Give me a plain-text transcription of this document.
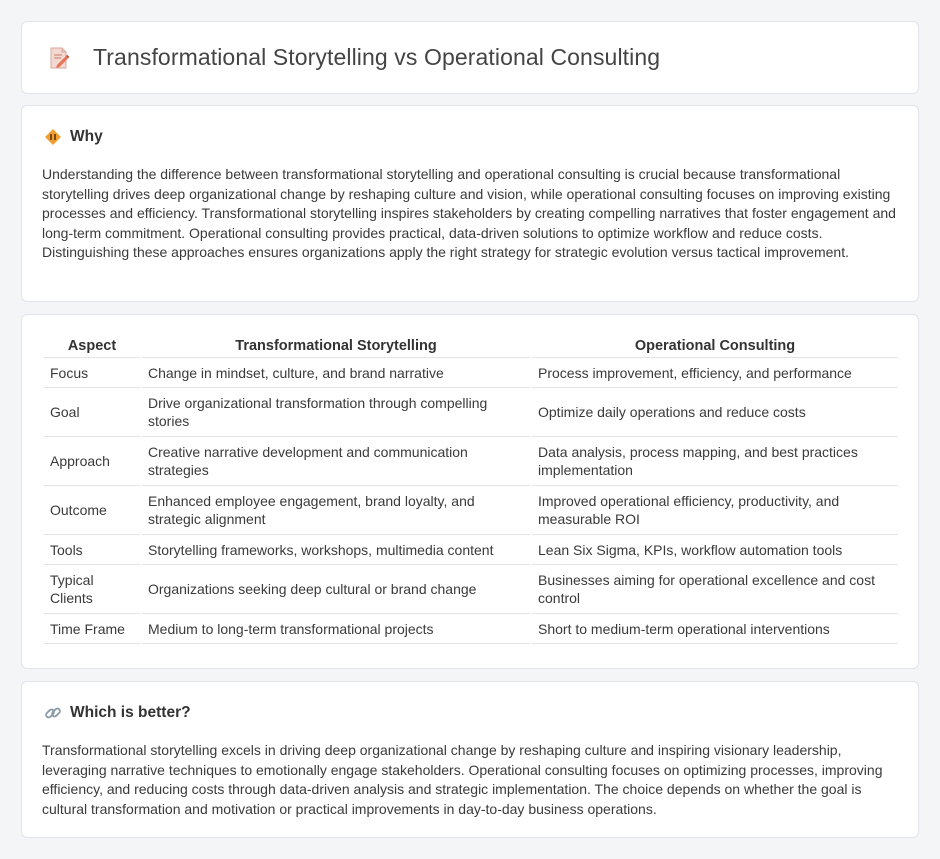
Transformational Storytelling vs Operational Consulting
Why

Understanding the difference between transformational storytelling and operational consulting is crucial because transformational storytelling drives deep organizational change by reshaping culture and vision, while operational consulting focuses on improving existing processes and efficiency. Transformational storytelling inspires stakeholders by creating compelling narratives that foster engagement and long-term commitment. Operational consulting provides practical, data-driven solutions to optimize workflow and reduce costs. Distinguishing these approaches ensures organizations apply the right strategy for strategic evolution versus tactical improvement.

Aspect	Transformational Storytelling	Operational Consulting
Focus	Change in mindset, culture, and brand narrative	Process improvement, efficiency, and performance
Goal	Drive organizational transformation through compelling stories	Optimize daily operations and reduce costs
Approach	Creative narrative development and communication strategies	Data analysis, process mapping, and best practices implementation
Outcome	Enhanced employee engagement, brand loyalty, and strategic alignment	Improved operational efficiency, productivity, and measurable ROI
Tools	Storytelling frameworks, workshops, multimedia content	Lean Six Sigma, KPIs, workflow automation tools
Typical Clients	Organizations seeking deep cultural or brand change	Businesses aiming for operational excellence and cost control
Time Frame	Medium to long-term transformational projects	Short to medium-term operational interventions
Which is better?

Transformational storytelling excels in driving deep organizational change by reshaping culture and inspiring visionary leadership, leveraging narrative techniques to emotionally engage stakeholders. Operational consulting focuses on optimizing processes, improving efficiency, and reducing costs through data-driven analysis and strategic implementation. The choice depends on whether the goal is cultural transformation and motivation or practical improvements in day-to-day business operations.
